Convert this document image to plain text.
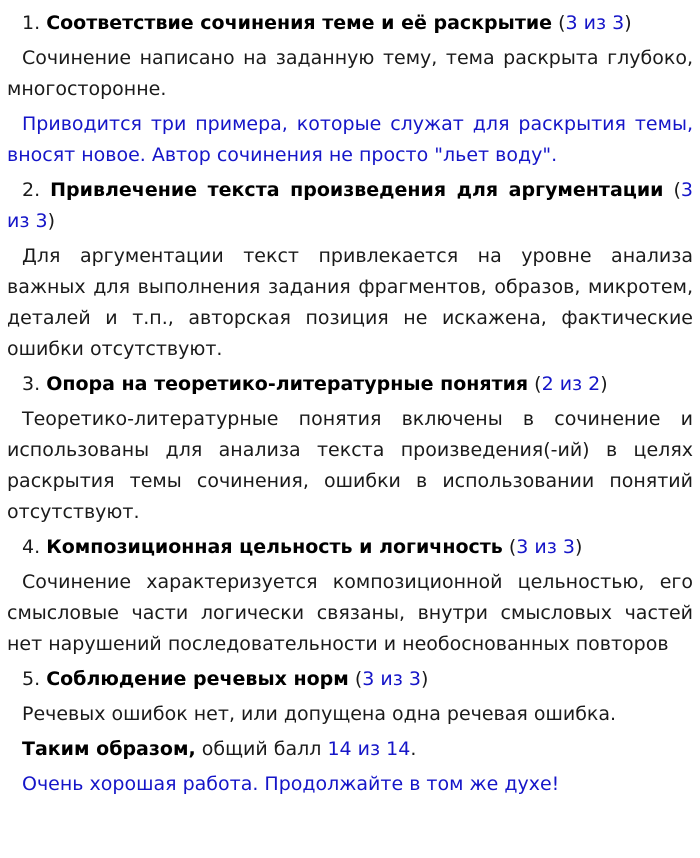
1. Соответствие сочинения теме и её раскрытие (3 из 3)

Сочинение написано на заданную тему, тема раскрыта глубоко, многосторонне.

Приводится три примера, которые служат для раскрытия темы, вносят новое. Автор сочинения не просто "льет воду".

2. Привлечение текста произведения для аргументации (3 из 3)

Для аргументации текст привлекается на уровне анализа важных для выполнения задания фрагментов, образов, микротем, деталей и т.п., авторская позиция не искажена, фактические ошибки отсутствуют.

3. Опора на теоретико-литературные понятия (2 из 2)

Теоретико-литературные понятия включены в сочинение и использованы для анализа текста произведения(-ий) в целях раскрытия темы сочинения, ошибки в использовании понятий отсутствуют.

4. Композиционная цельность и логичность (3 из 3)

Сочинение характеризуется композиционной цельностью, его смысловые части логически связаны, внутри смысловых частей нет нарушений последовательности и необоснованных повторов

5. Соблюдение речевых норм (3 из 3)

Речевых ошибок нет, или допущена одна речевая ошибка.

Таким образом, общий балл 14 из 14.

Очень хорошая работа. Продолжайте в том же духе!
